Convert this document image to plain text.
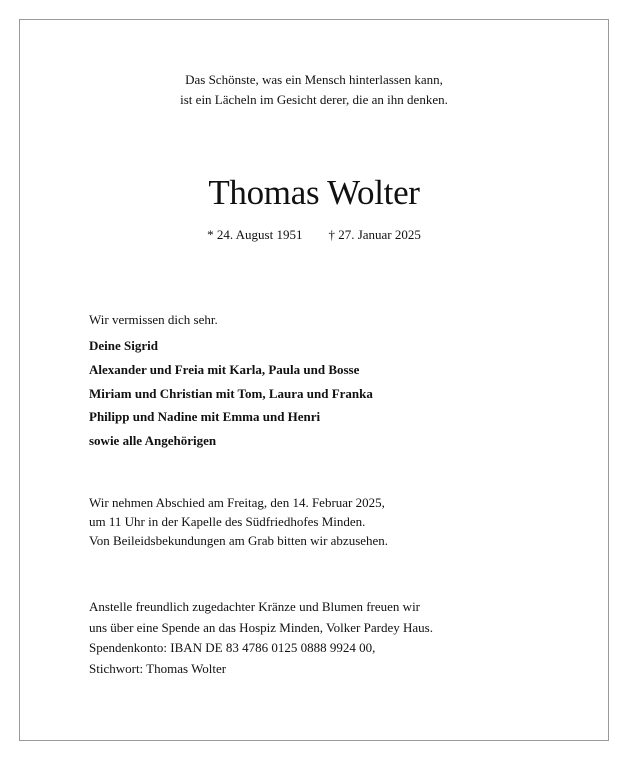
Das Schönste, was ein Mensch hinterlassen kann,
ist ein Lächeln im Gesicht derer, die an ihn denken.
Thomas Wolter
* 24. August 1951 † 27. Januar 2025
Wir vermissen dich sehr.
Deine Sigrid
Alexander und Freia mit Karla, Paula und Bosse
Miriam und Christian mit Tom, Laura und Franka
Philipp und Nadine mit Emma und Henri
sowie alle Angehörigen
Wir nehmen Abschied am Freitag, den 14. Februar 2025,
um 11 Uhr in der Kapelle des Südfriedhofes Minden.
Von Beileidsbekundungen am Grab bitten wir abzusehen.
Anstelle freundlich zugedachter Kränze und Blumen freuen wir
uns über eine Spende an das Hospiz Minden, Volker Pardey Haus.
Spendenkonto: IBAN DE 83 4786 0125 0888 9924 00,
Stichwort: Thomas Wolter
